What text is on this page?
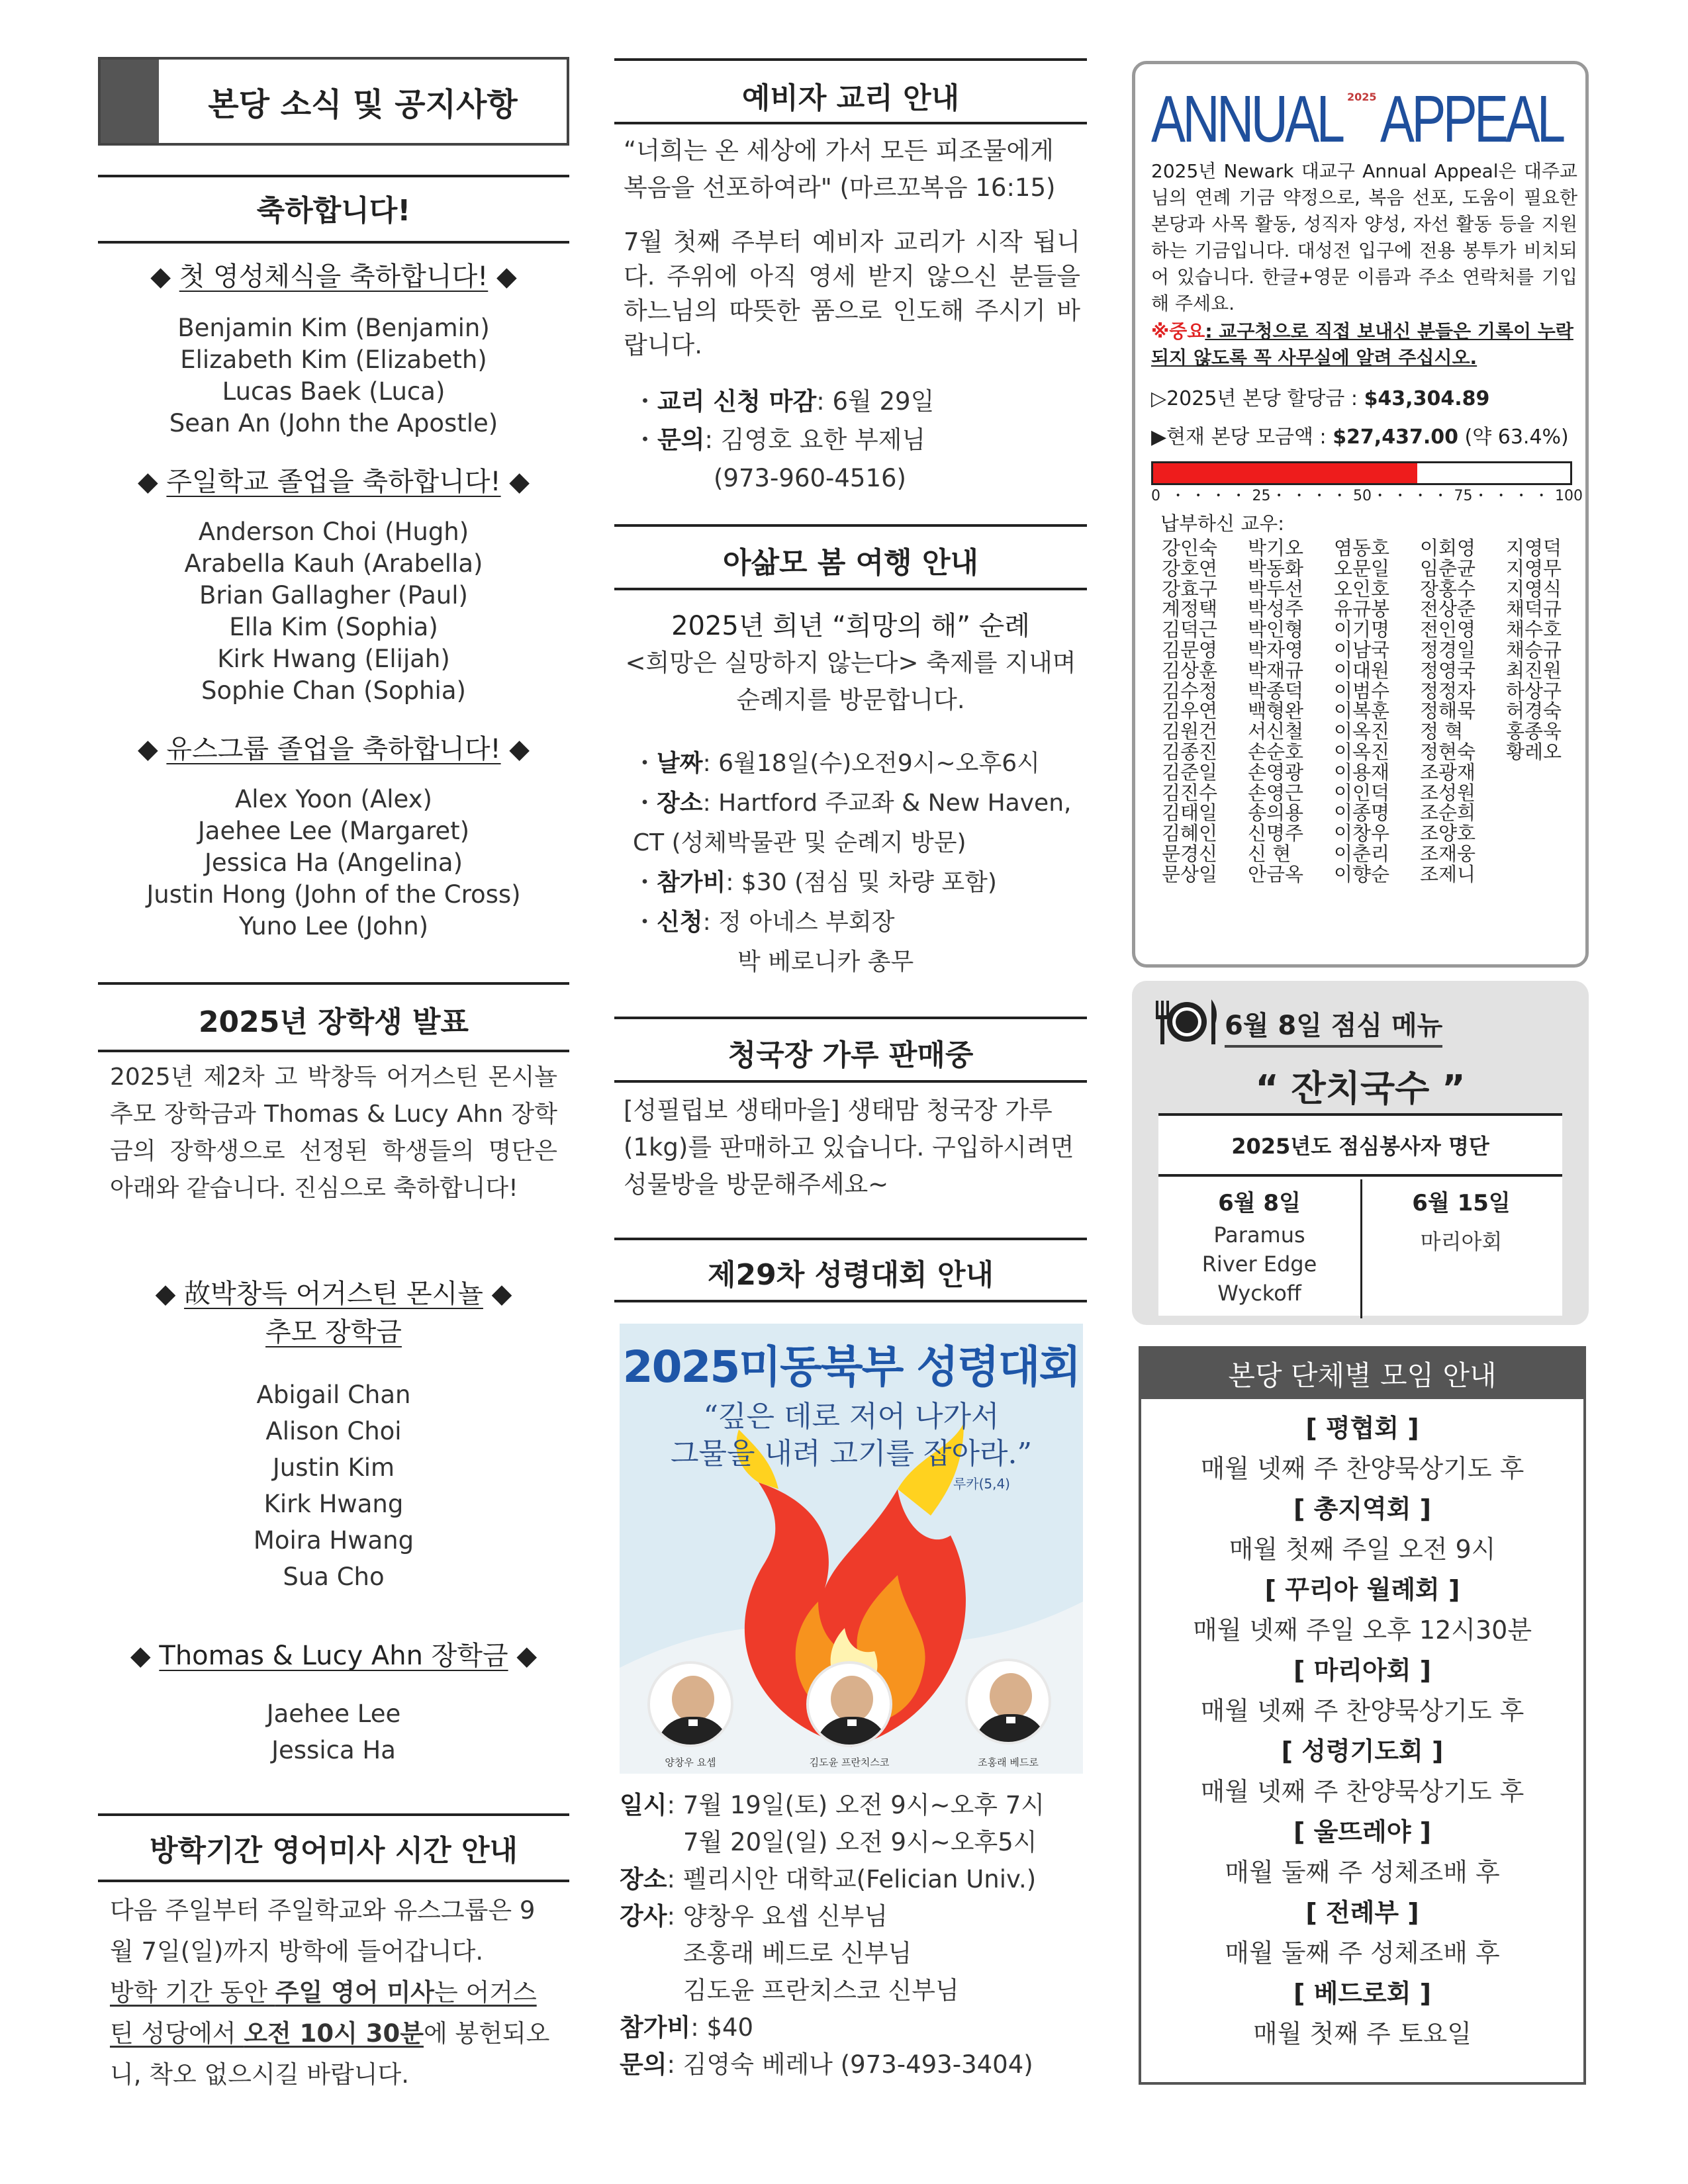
본당 소식 및 공지사항
축하합니다!
◆ 첫 영성체식을 축하합니다! ◆
Benjamin Kim (Benjamin)
Elizabeth Kim (Elizabeth)
Lucas Baek (Luca)
Sean An (John the Apostle)
◆ 주일학교 졸업을 축하합니다! ◆
Anderson Choi (Hugh)
Arabella Kauh (Arabella)
Brian Gallagher (Paul)
Ella Kim (Sophia)
Kirk Hwang (Elijah)
Sophie Chan (Sophia)
◆ 유스그룹 졸업을 축하합니다! ◆
Alex Yoon (Alex)
Jaehee Lee (Margaret)
Jessica Ha (Angelina)
Justin Hong (John of the Cross)
Yuno Lee (John)
2025년 장학생 발표
2025년 제2차 고 박창득 어거스틴 몬시뇰 추모 장학금과 Thomas & Lucy Ahn 장학금의 장학생으로 선정된 학생들의 명단은 아래와 같습니다. 진심으로 축하합니다!
◆ 故박창득 어거스틴 몬시뇰 ◆
추모 장학금
Abigail Chan
Alison Choi
Justin Kim
Kirk Hwang
Moira Hwang
Sua Cho
◆ Thomas & Lucy Ahn 장학금 ◆
Jaehee Lee
Jessica Ha
방학기간 영어미사 시간 안내
다음 주일부터 주일학교와 유스그룹은 9월 7일(일)까지 방학에 들어갑니다.
방학 기간 동안 주일 영어 미사는 어거스틴 성당에서 오전 10시 30분에 봉헌되오니, 착오 없으시길 바랍니다.
예비자 교리 안내
“너희는 온 세상에 가서 모든 피조물에게 복음을 선포하여라" (마르꼬복음 16:15)
7월 첫째 주부터 예비자 교리가 시작 됩니다. 주위에 아직 영세 받지 않으신 분들을 하느님의 따뜻한 품으로 인도해 주시기 바랍니다.
・교리 신청 마감: 6월 29일
・문의: 김영호 요한 부제님
(973-960-4516)
아삶모 봄 여행 안내
2025년 희년 “희망의 해” 순례
<희망은 실망하지 않는다> 축제를 지내며 순례지를 방문합니다.
・날짜: 6월18일(수)오전9시~오후6시
・장소: Hartford 주교좌 & New Haven, CT (성체박물관 및 순례지 방문)
・참가비: $30 (점심 및 차량 포함)
・신청: 정 아네스 부회장
박 베로니카 총무
청국장 가루 판매중
[성필립보 생태마을] 생태맘 청국장 가루(1kg)를 판매하고 있습니다. 구입하시려면 성물방을 방문해주세요~
제29차 성령대회 안내
2025미동북부 성령대회
“깊은 데로 저어 나가서
그물을 내려 고기를 잡아라.”
루카(5,4)
양창우 요셉	김도윤 프란치스코	조홍래 베드로
일시: 7월 19일(토) 오전 9시~오후 7시
7월 20일(일) 오전 9시~오후5시
장소: 펠리시안 대학교(Felician Univ.)
강사: 양창우 요셉 신부님
조홍래 베드로 신부님
김도윤 프란치스코 신부님
참가비: $40
문의: 김영숙 베레나 (973-493-3404)
ANNUAL 2025 APPEAL
2025년 Newark 대교구 Annual Appeal은 대주교님의 연례 기금 약정으로, 복음 선포, 도움이 필요한 본당과 사목 활동, 성직자 양성, 자선 활동 등을 지원하는 기금입니다. 대성전 입구에 전용 봉투가 비치되어 있습니다. 한글+영문 이름과 주소 연락처를 기입해 주세요.
※중요: 교구청으로 직접 보내신 분들은 기록이 누락되지 않도록 꼭 사무실에 알려 주십시오.
▷2025년 본당 할당금 : $43,304.89
▶현재 본당 모금액 : $27,437.00 (약 63.4%)
0 • • • • 25 • • • • 50 • • • • 75 • • • • 100
납부하신 교우:
강인숙
강호연
강효구
계정택
김덕근
김문영
김상훈
김수정
김우연
김원건
김종진
김준일
김진수
김태일
김혜인
문경신
문상일
박기오
박동화
박두선
박성주
박인형
박자영
박재규
박종덕
백형완
서신철
손순호
손영광
손영근
송의용
신명주
신 현
안금옥
염동호
오문일
오인호
유규봉
이기명
이남국
이대원
이범수
이복훈
이옥진
이옥진
이용재
이인덕
이종명
이창우
이춘리
이향순
이회영
임춘균
장홍수
전상준
전인영
정경일
정영국
정정자
정해묵
정 혁
정현숙
조광재
조성원
조순희
조양호
조재웅
조제니
지영덕
지영무
지영식
채덕규
채수호
채승규
최진원
하상구
허경숙
홍종욱
황레오
6월 8일 점심 메뉴
“ 잔치국수 ”
2025년도 점심봉사자 명단
6월 8일
Paramus
River Edge
Wyckoff
6월 15일
마리아회
본당 단체별 모임 안내
[ 평협회 ]
매월 넷째 주 찬양묵상기도 후
[ 총지역회 ]
매월 첫째 주일 오전 9시
[ 꾸리아 월례회 ]
매월 넷째 주일 오후 12시30분
[ 마리아회 ]
매월 넷째 주 찬양묵상기도 후
[ 성령기도회 ]
매월 넷째 주 찬양묵상기도 후
[ 울뜨레야 ]
매월 둘째 주 성체조배 후
[ 전례부 ]
매월 둘째 주 성체조배 후
[ 베드로회 ]
매월 첫째 주 토요일
